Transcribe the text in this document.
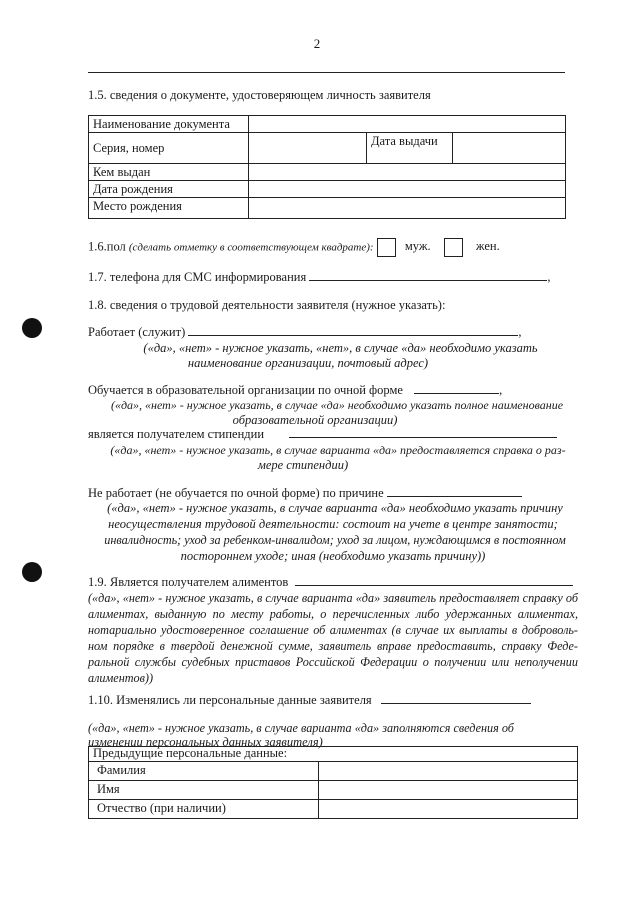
2
1.5. сведения о документе, удостоверяющем личность заявителя
Наименование документа			
Серия, номер		Дата выдачи	
Кем выдан			
Дата рождения			
Место рождения			
1.6.пол (сделать отметку в соответствующем квадрате):	муж.	жен.
1.7. телефона для СМС информирования	,
1.8. сведения о трудовой деятельности заявителя (нужное указать):
Работает (служит)	,
(«да», «нет» - нужное указать, «нет», в случае «да» необходимо указать
наименование организации, почтовый адрес)
Обучается в образовательной организации по очной форме	,
(«да», «нет» - нужное указать, в случае «да» необходимо указать полное наименование
образовательной организации)
является получателем стипендии
(«да», «нет» - нужное указать, в случае варианта «да» предоставляется справка о раз-
мере стипендии)
Не работает (не обучается по очной форме) по причине
(«да», «нет» - нужное указать, в случае варианта «да» необходимо указать причину
неосуществления трудовой деятельности: состоит на учете в центре занятости;
инвалидность; уход за ребенком-инвалидом; уход за лицом, нуждающимся в постоянном
постороннем уходе; иная (необходимо указать причину))
1.9. Является получателем алиментов
(«да», «нет» - нужное указать, в случае варианта «да» заявитель предоставляет справку об алиментах, выданную по месту работы, о перечисленных либо удержанных алиментах, нотариально удостоверенное соглашение об алиментах (в случае их выплаты в доброволь-ном порядке в твердой денежной сумме, заявитель вправе предоставить, справку Феде-ральной службы судебных приставов Российской Федерации о получении или неполучении алиментов))
1.10. Изменялись ли персональные данные заявителя
(«да», «нет» - нужное указать, в случае варианта «да» заполняются сведения об
изменении персональных данных заявителя)
Предыдущие персональные данные:	
Фамилия	
Имя	
Отчество (при наличии)	
